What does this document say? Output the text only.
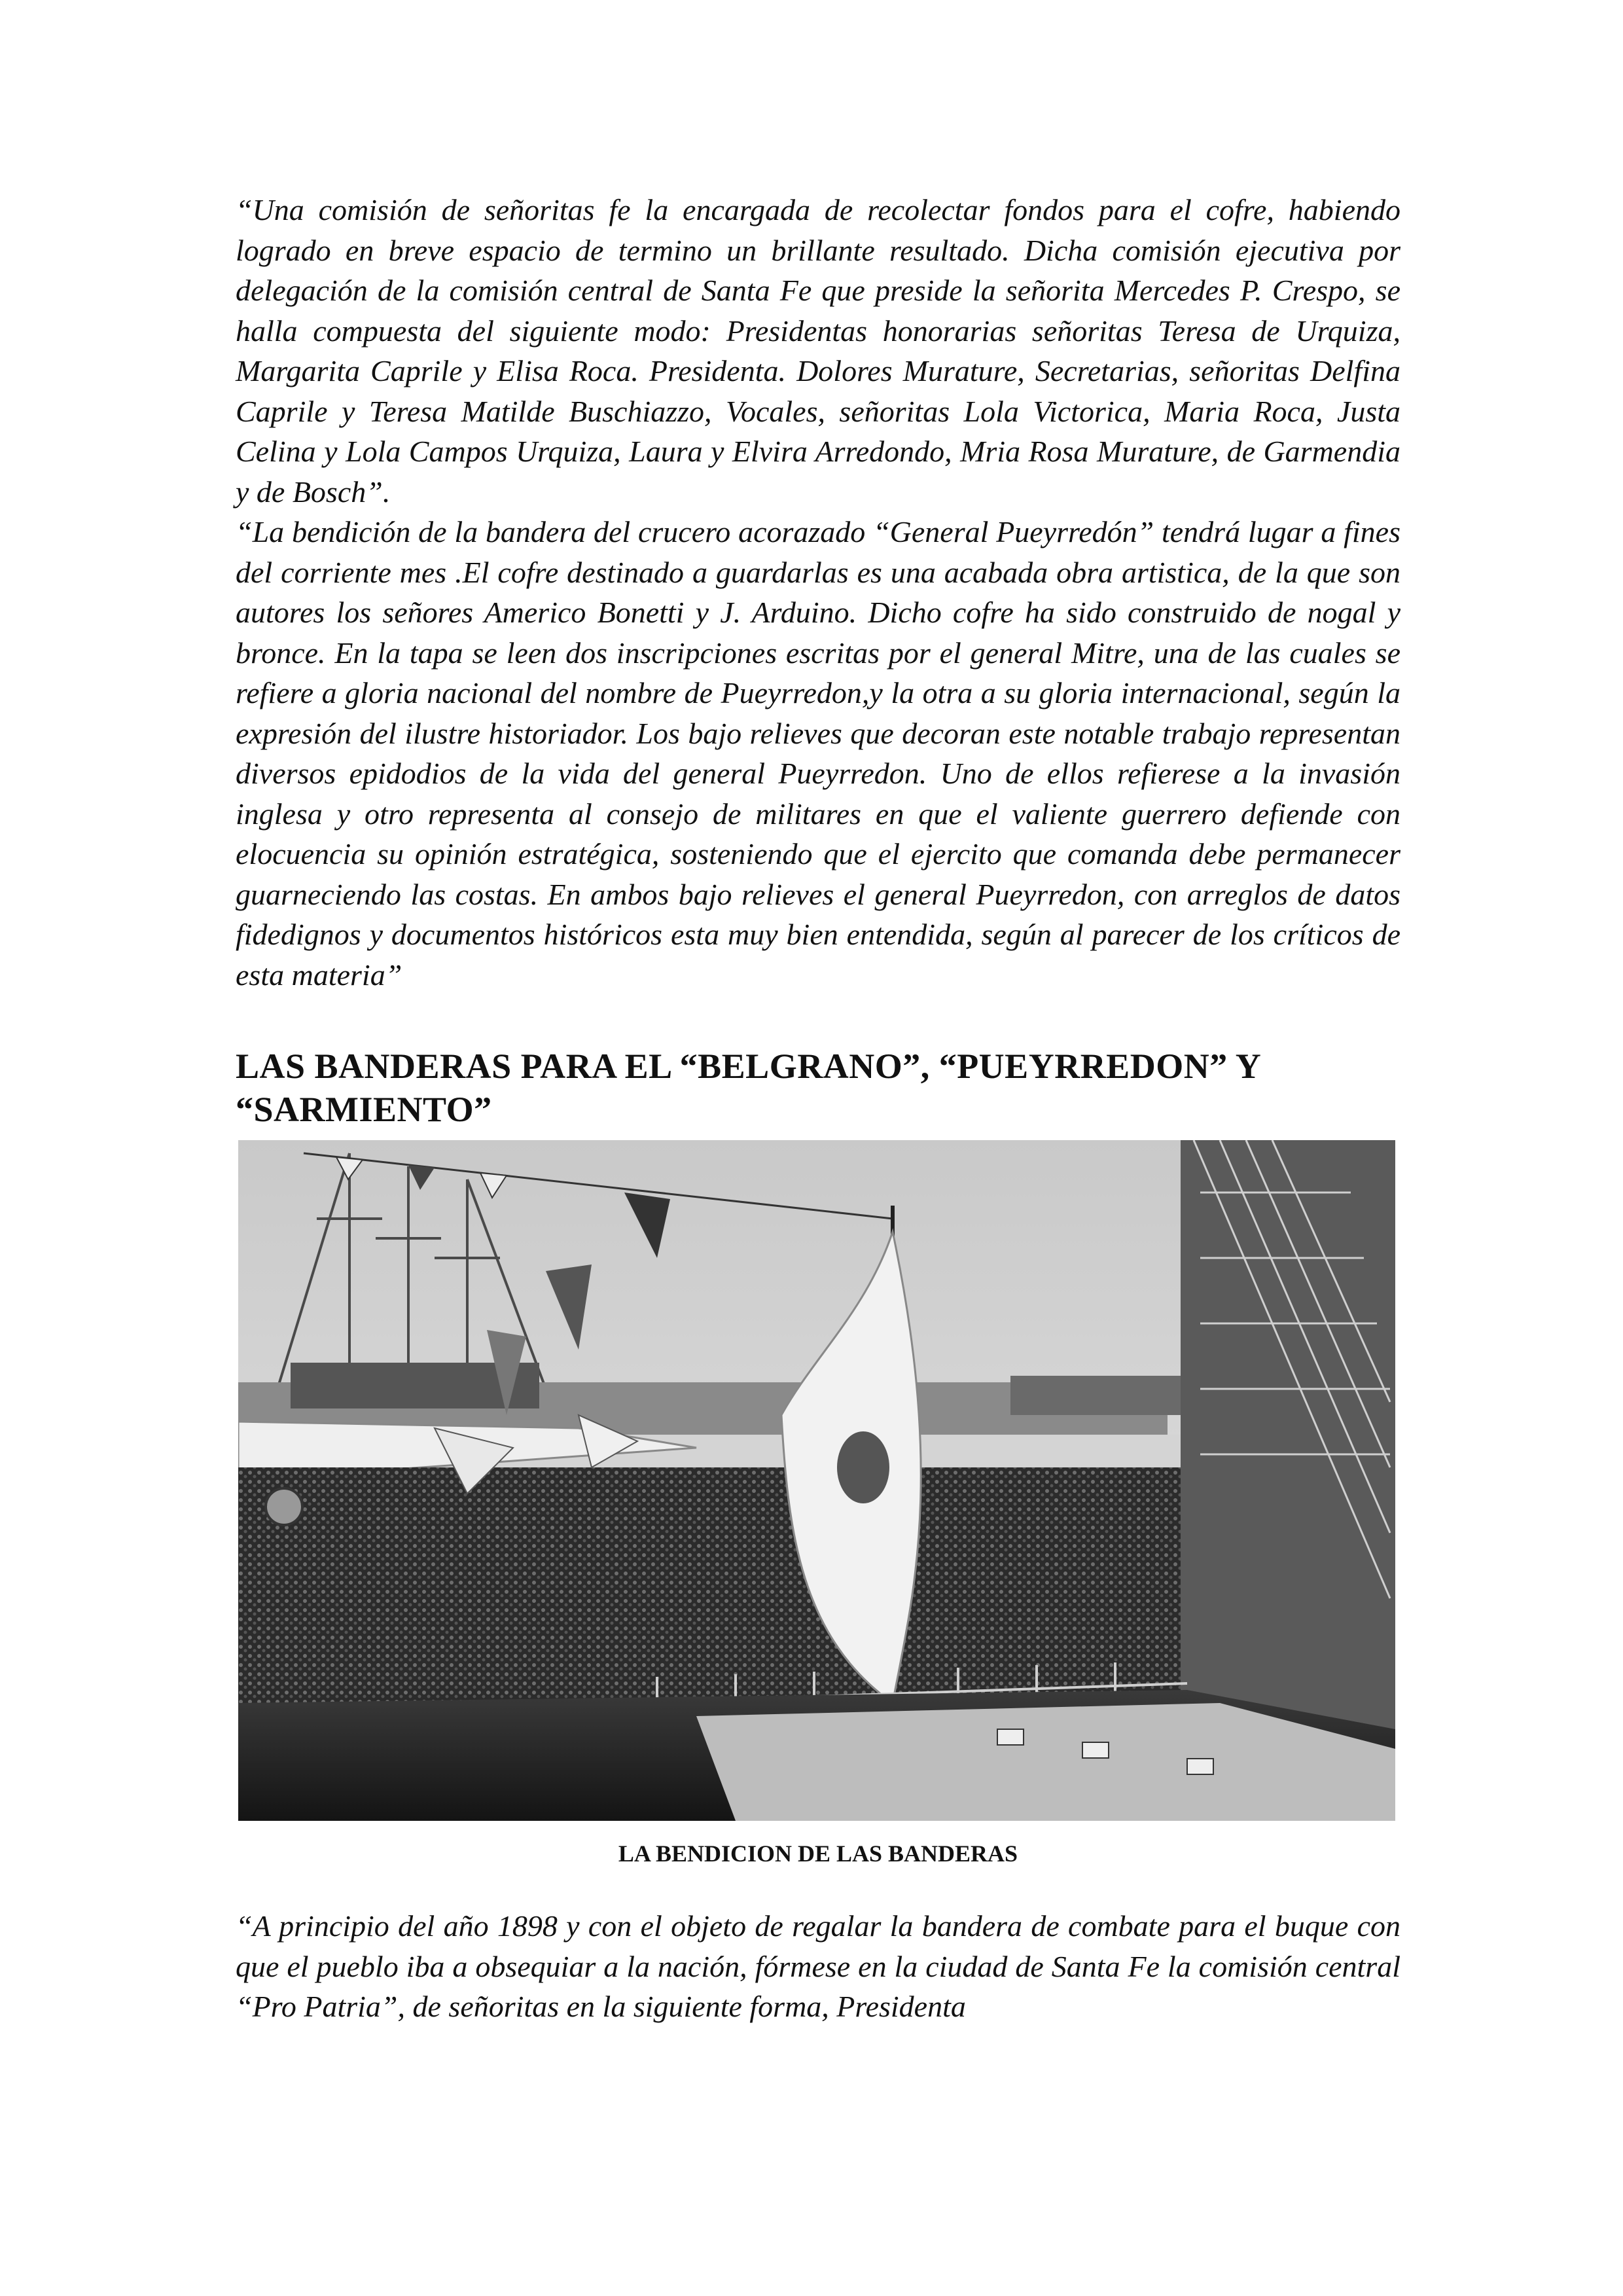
“Una comisión de señoritas fe la encargada de recolectar fondos para el cofre, habiendo logrado en breve espacio de termino un brillante resultado. Dicha comisión ejecutiva por delegación de la comisión central de Santa Fe que preside la señorita Mercedes P. Crespo, se halla compuesta del siguiente modo: Presidentas honorarias señoritas Teresa de Urquiza, Margarita Caprile y Elisa Roca. Presidenta. Dolores Murature, Secretarias, señoritas Delfina Caprile y Teresa Matilde Buschiazzo, Vocales, señoritas Lola Victorica, Maria Roca, Justa Celina y Lola Campos Urquiza, Laura y Elvira Arredondo, Mria Rosa Murature, de Garmendia y de Bosch”.

“La bendición de la bandera del crucero acorazado “General Pueyrredón” tendrá lugar a fines del corriente mes .El cofre destinado a guardarlas es una acabada obra artistica, de la que son autores los señores Americo Bonetti y J. Arduino. Dicho cofre ha sido construido de nogal y bronce. En la tapa se leen dos inscripciones escritas por el general Mitre, una de las cuales se refiere a gloria nacional del nombre de Pueyrredon,y la otra a su gloria internacional, según la expresión del ilustre historiador. Los bajo relieves que decoran este notable trabajo representan diversos epidodios de la vida del general Pueyrredon. Uno de ellos refierese a la invasión inglesa y otro representa al consejo de militares en que el valiente guerrero defiende con elocuencia su opinión estratégica, sosteniendo que el ejercito que comanda debe permanecer guarneciendo las costas. En ambos bajo relieves el general Pueyrredon, con arreglos de datos fidedignos y documentos históricos esta muy bien entendida, según al parecer de los críticos de esta materia”

LAS BANDERAS PARA EL “BELGRANO”, “PUEYRREDON” Y
“SARMIENTO”
LA BENDICION DE LAS BANDERAS

“A principio del año 1898 y con el objeto de regalar la bandera de combate para el buque con que el pueblo iba a obsequiar a la nación, fórmese en la ciudad de Santa Fe la comisión central “Pro Patria”, de señoritas en la siguiente forma, Presidenta
